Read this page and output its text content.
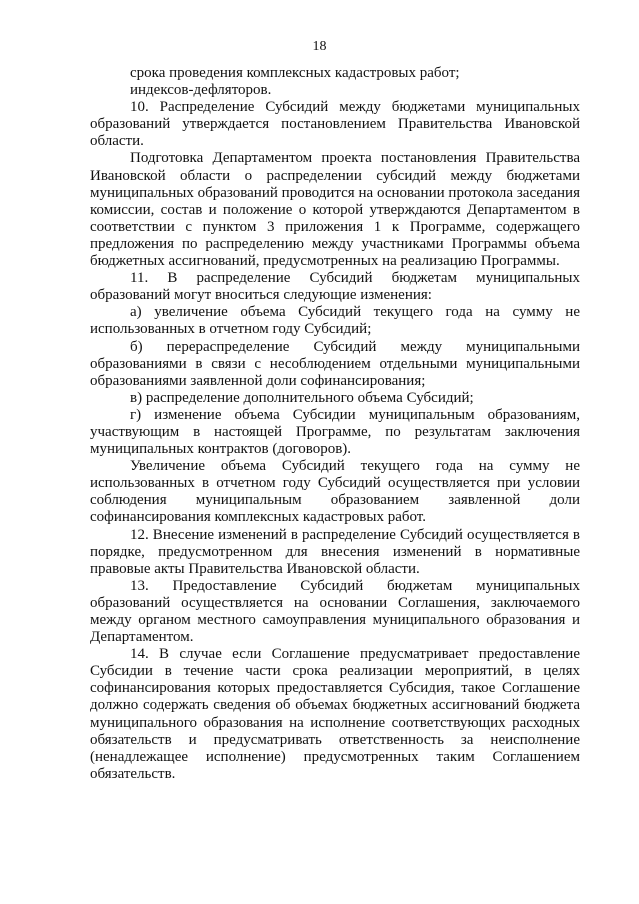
18

срока проведения комплексных кадастровых работ;

индексов-дефляторов.

10. Распределение Субсидий между бюджетами муниципальных образований утверждается постановлением Правительства Ивановской области.

Подготовка Департаментом проекта постановления Правительства Ивановской области о распределении субсидий между бюджетами муниципальных образований проводится на основании протокола заседания комиссии, состав и положение о которой утверждаются Департаментом в соответствии с пунктом 3 приложения 1 к Программе, содержащего предложения по распределению между участниками Программы объема бюджетных ассигнований, предусмотренных на реализацию Программы.

11. В распределение Субсидий бюджетам муниципальных образований могут вноситься следующие изменения:

а) увеличение объема Субсидий текущего года на сумму не использованных в отчетном году Субсидий;

б) перераспределение Субсидий между муниципальными образованиями в связи с несоблюдением отдельными муниципальными образованиями заявленной доли софинансирования;

в) распределение дополнительного объема Субсидий;

г) изменение объема Субсидии муниципальным образованиям, участвующим в настоящей Программе, по результатам заключения муниципальных контрактов (договоров).

Увеличение объема Субсидий текущего года на сумму не использованных в отчетном году Субсидий осуществляется при условии соблюдения муниципальным образованием заявленной доли софинансирования комплексных кадастровых работ.

12. Внесение изменений в распределение Субсидий осуществляется в порядке, предусмотренном для внесения изменений в нормативные правовые акты Правительства Ивановской области.

13. Предоставление Субсидий бюджетам муниципальных образований осуществляется на основании Соглашения, заключаемого между органом местного самоуправления муниципального образования и Департаментом.

14. В случае если Соглашение предусматривает предоставление Субсидии в течение части срока реализации мероприятий, в целях софинансирования которых предоставляется Субсидия, такое Соглашение должно содержать сведения об объемах бюджетных ассигнований бюджета муниципального образования на исполнение соответствующих расходных обязательств и предусматривать ответственность за неисполнение (ненадлежащее исполнение) предусмотренных таким Соглашением обязательств.
